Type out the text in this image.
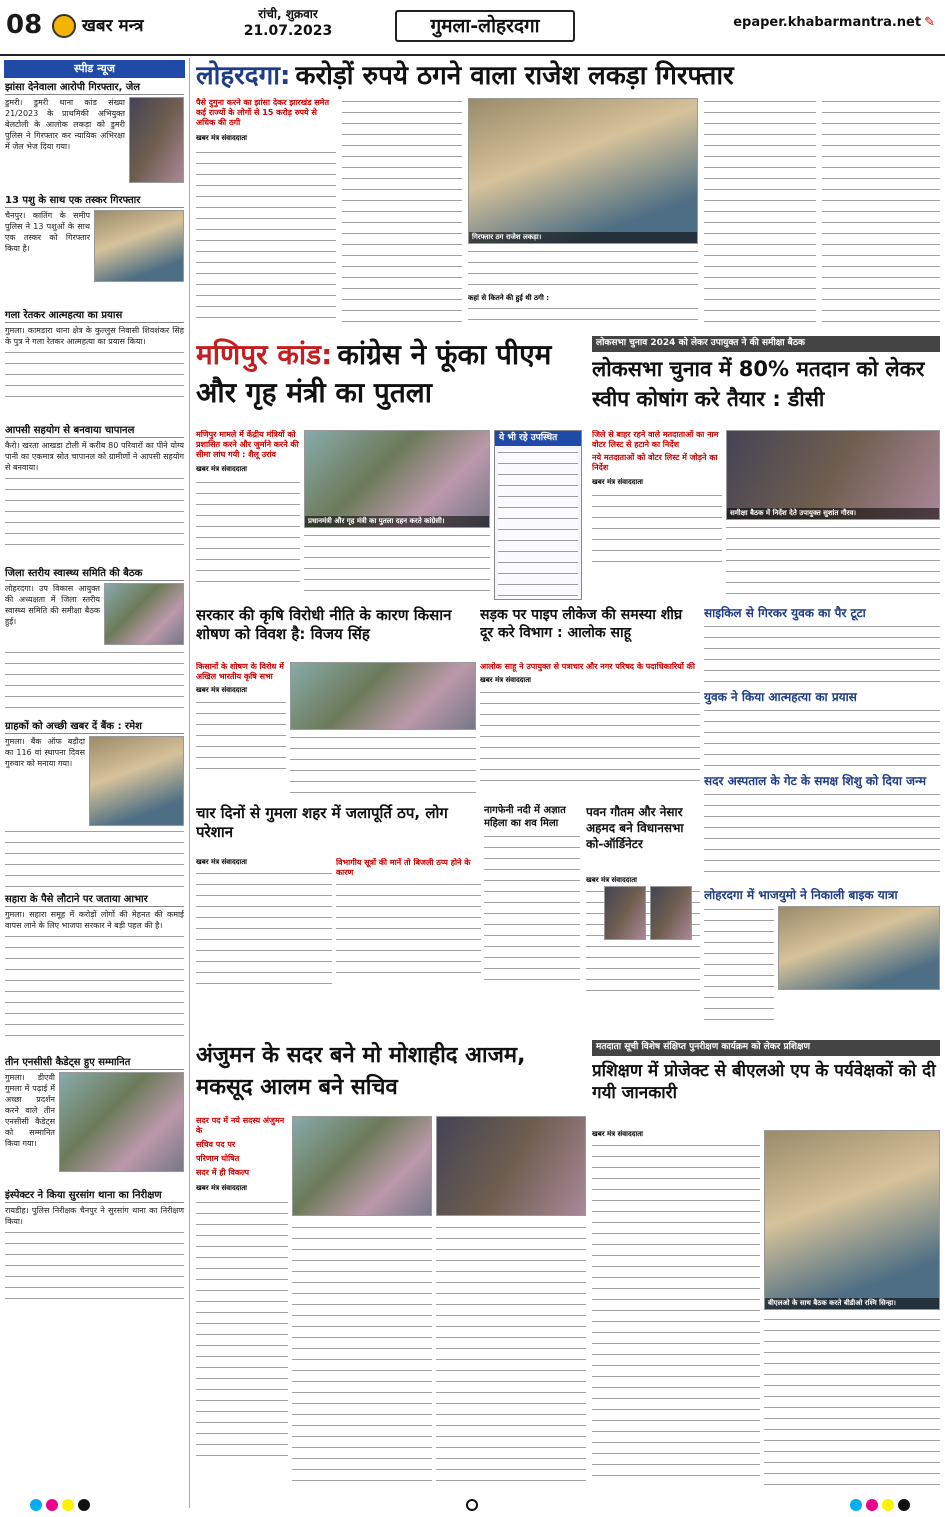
08 खबर मन्त्र
रांची, शुक्रवार
21.07.2023	गुमला-लोहरदगा	epaper.khabarmantra.net ✎
स्पीड न्यूज
झांसा देनेवाला आरोपी गिरफ्तार, जेल
डुमरी। डुमरी थाना कांड संख्या 21/2023 के प्राथमिकी अभियुक्त बेलटोली के आलोक लकड़ा को डुमरी पुलिस ने गिरफ्तार कर न्यायिक अभिरक्षा में जेल भेज दिया गया।
13 पशु के साथ एक तस्कर गिरफ्तार
चैनपुर। कातिंग के समीप पुलिस ने 13 पशुओं के साथ एक तस्कर को गिरफ्तार किया है।
गला रेतकर आत्महत्या का प्रयास
गुमला। कामडारा थाना क्षेत्र के कुल्लुस निवासी शिवशंकर सिंह के पुत्र ने गला रेतकर आत्महत्या का प्रयास किया।
आपसी सहयोग से बनवाया चापानल
कैरो। खरता आखडा टोली में करीब 80 परिवारों का पीने योग्य पानी का एकमात्र स्रोत चापानल को ग्रामीणों ने आपसी सहयोग से बनवाया।
जिला स्तरीय स्वास्थ्य समिति की बैठक
लोहरदगा। उप विकास आयुक्त की अध्यक्षता में जिला स्तरीय स्वास्थ्य समिति की समीक्षा बैठक हुई।
ग्राहकों को अच्छी खबर दें बैंक : रमेश
गुमला। बैंक ऑफ बड़ौदा का 116 वां स्थापना दिवस गुरुवार को मनाया गया।
सहारा के पैसे लौटाने पर जताया आभार
गुमला। सहारा समूह में करोड़ों लोगों की मेहनत की कमाई वापस लाने के लिए भाजपा सरकार ने बड़ी पहल की है।
तीन एनसीसी कैडेट्स हुए सम्मानित
गुमला। डीएवी गुमला में पढ़ाई में अच्छा प्रदर्शन करने वाले तीन एनसीसी कैडेट्स को सम्मानित किया गया।
इंस्पेक्टर ने किया सुरसांग थाना का निरीक्षण
रायडीह। पुलिस निरीक्षक चैनपुर ने सुरसांग थाना का निरीक्षण किया।
लोहरदगा: करोड़ों रुपये ठगने वाला राजेश लकड़ा गिरफ्तार
पैसे दुगुना करने का झांसा देकर झारखंड समेत कई राज्यों के लोगों से 15 करोड़ रुपये से अधिक की ठगी
खबर मंत्र संवाददाता
गिरफ्तार ठग राजेश लकड़ा।
कहां से कितने की हुई थी ठगी :
मणिपुर कांड: कांग्रेस ने फूंका पीएम और गृह मंत्री का पुतला
मणिपुर मामले में केंद्रीय मंत्रियों को प्रशासित करने और जुर्माने करने की सीमा लांघ गयी : शैलू उरांव
खबर मंत्र संवाददाता
प्रधानमंत्री और गृह मंत्री का पुतला दहन करते कांग्रेसी।
ये भी रहे उपस्थित
लोकसभा चुनाव 2024 को लेकर उपायुक्त ने की समीक्षा बैठक
लोकसभा चुनाव में 80% मतदान को लेकर स्वीप कोषांग करे तैयार : डीसी
जिले से बाहर रहने वाले मतदाताओं का नाम वोटर लिस्ट से हटाने का निर्देश
नये मतदाताओं को वोटर लिस्ट में जोड़ने का निर्देश
खबर मंत्र संवाददाता
समीक्षा बैठक में निर्देश देते उपायुक्त सुशांत गौरव।
साइकिल से गिरकर युवक का पैर टूटा
युवक ने किया आत्महत्या का प्रयास
सदर अस्पताल के गेट के समक्ष शिशु को दिया जन्म
लोहरदगा में भाजयुमो ने निकाली बाइक यात्रा
सरकार की कृषि विरोधी नीति के कारण किसान शोषण को विवश है: विजय सिंह
किसानों के शोषण के विरोध में अखिल भारतीय कृषि सभा
खबर मंत्र संवाददाता
सड़क पर पाइप लीकेज की समस्या शीघ्र दूर करे विभाग : आलोक साहू
आलोक साहू ने उपायुक्त से पत्राचार और नगर परिषद के पदाधिकारियों की
खबर मंत्र संवाददाता
चार दिनों से गुमला शहर में जलापूर्ति ठप, लोग परेशान
खबर मंत्र संवाददाता	विभागीय सूत्रों की मानें तो बिजली ठप्प होने के कारण
नागफेनी नदी में अज्ञात महिला का शव मिला
पवन गौतम और नेसार अहमद बने विधानसभा को-ऑर्डिनेटर
खबर मंत्र संवाददाता
अंजुमन के सदर बने मो मोशाहीद आजम, मकसूद आलम बने सचिव
सदर पद में नये सदस्य अंजुमन के
सचिव पद पर
परिणाम घोषित
सदर में ही विकल्प
खबर मंत्र संवाददाता
मतदाता सूची विशेष संक्षिप्त पुनरीक्षण कार्यक्रम को लेकर प्रशिक्षण
प्रशिक्षण में प्रोजेक्ट से बीएलओ एप के पर्यवेक्षकों को दी गयी जानकारी
खबर मंत्र संवाददाता
बीएलओ के साथ बैठक करते बीडीओ रश्मि सिन्हा।
